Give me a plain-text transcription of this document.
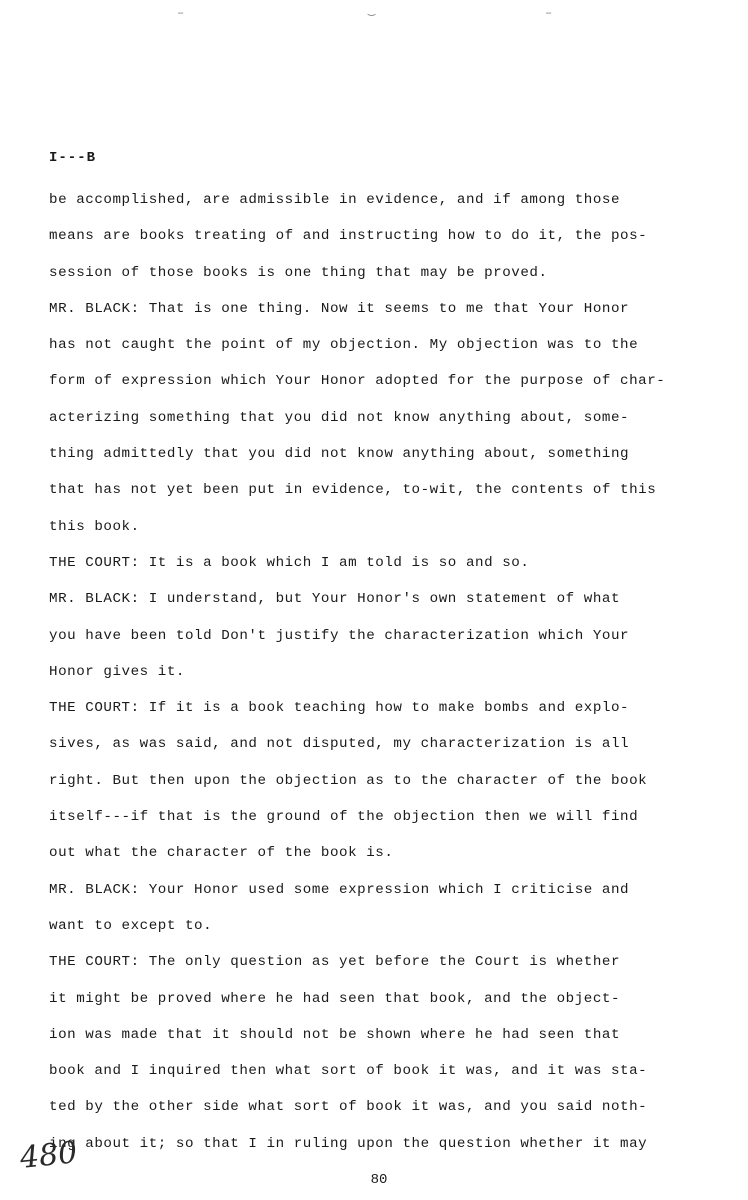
–	‿	–
I---B
be accomplished, are admissible in evidence, and if among those
means are books treating of and instructing how to do it, the pos-
session of those books is one thing that may be proved.
MR. BLACK: That is one thing. Now it seems to me that Your Honor
has not caught the point of my objection. My objection was to the
form of expression which Your Honor adopted for the purpose of char-
acterizing something that you did not know anything about, some-
thing admittedly that you did not know anything about, something
that has not yet been put in evidence, to-wit, the contents of this
this book.
THE COURT: It is a book which I am told is so and so.
MR. BLACK: I understand, but Your Honor's own statement of what
you have been told Don't justify the characterization which Your
Honor gives it.
THE COURT: If it is a book teaching how to make bombs and explo-
sives, as was said, and not disputed, my characterization is all
right. But then upon the objection as to the character of the book
itself---if that is the ground of the objection then we will find
out what the character of the book is.
MR. BLACK: Your Honor used some expression which I criticise and
want to except to.
THE COURT: The only question as yet before the Court is whether
it might be proved where he had seen that book, and the object-
ion was made that it should not be shown where he had seen that
book and I inquired then what sort of book it was, and it was sta-
ted by the other side what sort of book it was, and you said noth-
ing about it; so that I in ruling upon the question whether it may
480
80
